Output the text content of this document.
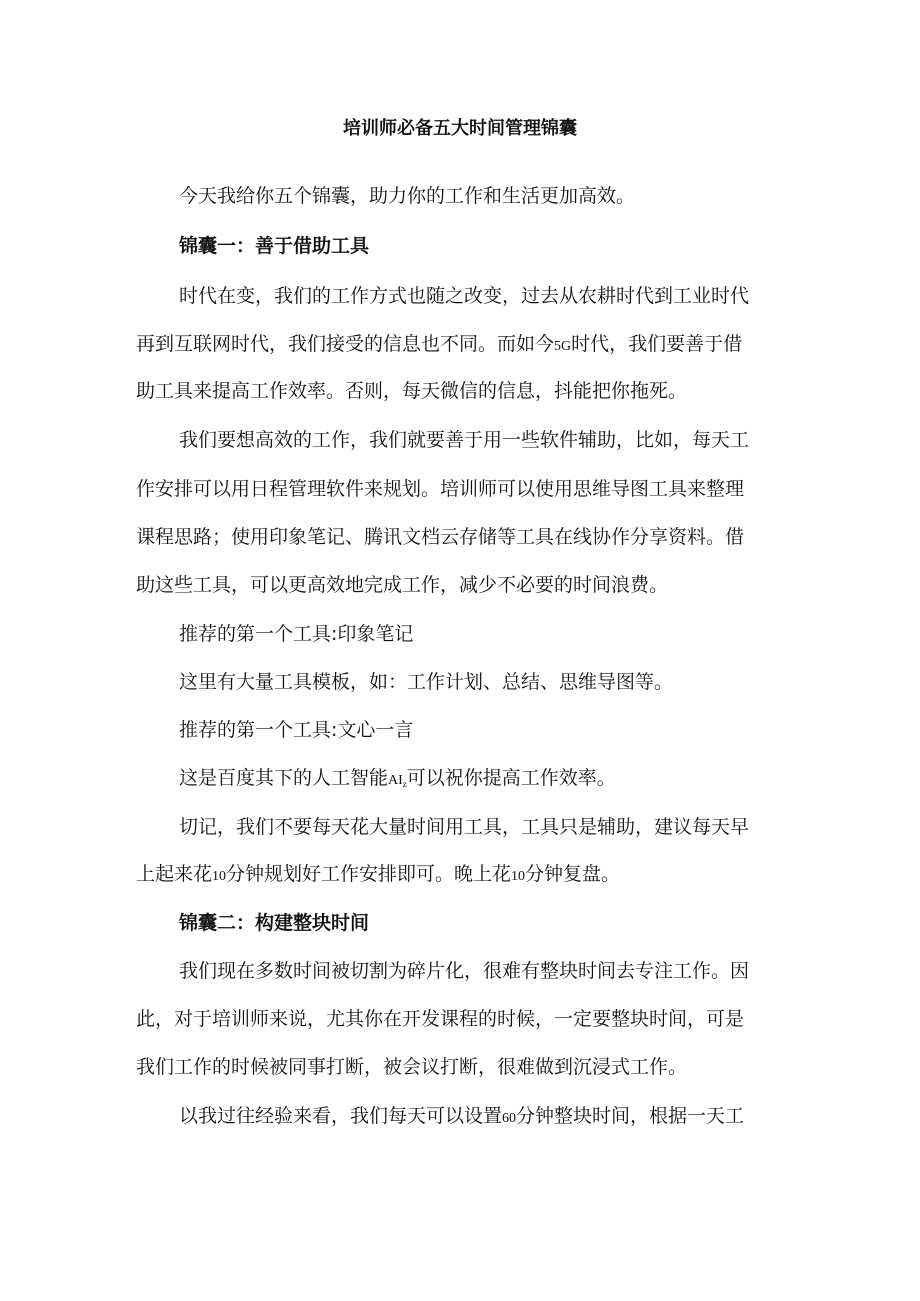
培训师必备五大时间管理锦囊
今天我给你五个锦囊，助力你的工作和生活更加高效。
锦囊一：善于借助工具
时代在变，我们的工作方式也随之改变，过去从农耕时代到工业时代
再到互联网时代，我们接受的信息也不同。而如今5G时代，我们要善于借
助工具来提高工作效率。否则，每天微信的信息，抖能把你拖死。
我们要想高效的工作，我们就要善于用一些软件辅助，比如，每天工
作安排可以用日程管理软件来规划。培训师可以使用思维导图工具来整理
课程思路；使用印象笔记、腾讯文档云存储等工具在线协作分享资料。借
助这些工具，可以更高效地完成工作，减少不必要的时间浪费。
推荐的第一个工具:印象笔记
这里有大量工具模板，如：工作计划、总结、思维导图等。
推荐的第一个工具:文心一言
这是百度其下的人工智能$AI_z$可以祝你提高工作效率。
切记，我们不要每天花大量时间用工具，工具只是辅助，建议每天早
上起来花10分钟规划好工作安排即可。晚上花10分钟复盘。
锦囊二：构建整块时间
我们现在多数时间被切割为碎片化，很难有整块时间去专注工作。因
此，对于培训师来说，尤其你在开发课程的时候，一定要整块时间，可是
我们工作的时候被同事打断，被会议打断，很难做到沉浸式工作。
以我过往经验来看，我们每天可以设置60分钟整块时间，根据一天工
